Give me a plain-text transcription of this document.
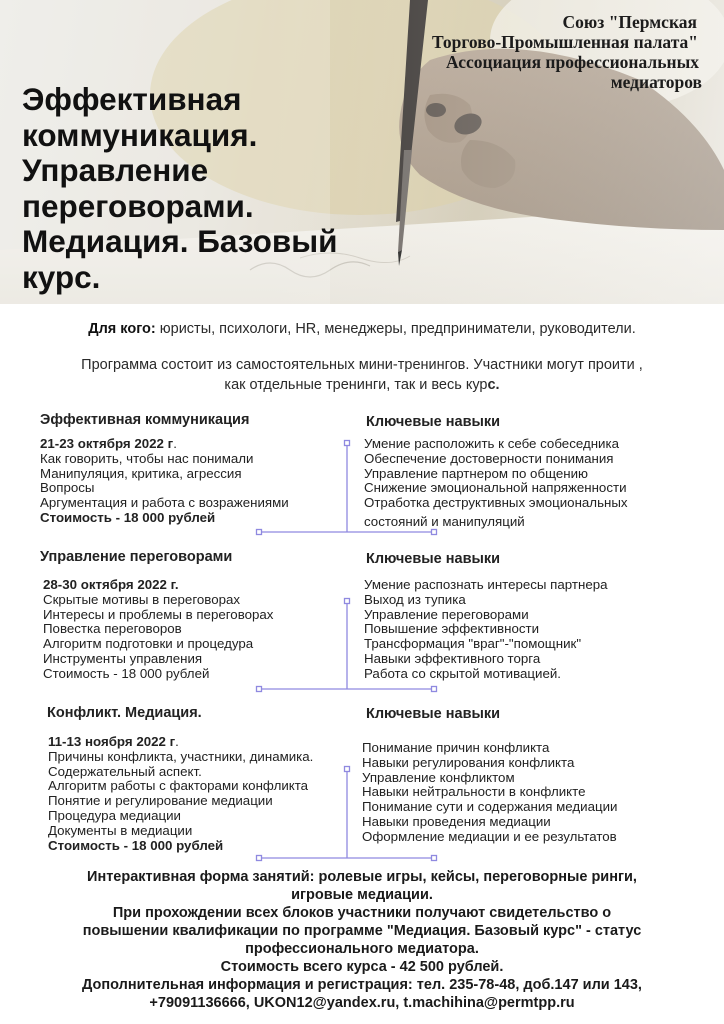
Союз "Пермская
Торгово-Промышленная палата"
Ассоциация профессиональных
медиаторов
Эффективная
коммуникация.
Управление
переговорами.
Медиация. Базовый
курс.
Для кого: юристы, психологи, HR, менеджеры, предприниматели, руководители.
Программа состоит из самостоятельных мини-тренингов. Участники могут проити ,
как отдельные тренинги, так и весь курс.
Эффективная коммуникация	Ключевые навыки
21-23 октября 2022 г.
Как говорить, чтобы нас понимали
Манипуляция, критика, агрессия
Вопросы
Аргументация и работа с возражениями
Стоимость - 18 000 рублей
Умение расположить к себе собеседника
Обеспечение достоверности понимания
Управление партнером по общению
Снижение эмоциональной напряженности
Отработка деструктивных эмоциональных
состояний и манипуляций
Управление переговорами	Ключевые навыки
28-30 октября 2022 г.
Скрытые мотивы в переговорах
Интересы и проблемы в переговорах
Повестка переговоров
Алгоритм подготовки и процедура
Инструменты управления
Стоимость - 18 000 рублей
Умение распознать интересы партнера
Выход из тупика
Управление переговорами
Повышение эффективности
Трансформация "враг"-"помощник"
Навыки эффективного торга
Работа со скрытой мотивацией.
Конфликт. Медиация.	Ключевые навыки
11-13 ноября 2022 г.
Причины конфликта, участники, динамика.
Содержательный аспект.
Алгоритм работы с факторами конфликта
Понятие и регулирование медиации
Процедура медиации
Документы в медиации
Стоимость - 18 000 рублей
Понимание причин конфликта
Навыки регулирования конфликта
Управление конфликтом
Навыки нейтральности в конфликте
Понимание сути и содержания медиации
Навыки проведения медиации
Оформление медиации и ее результатов
Интерактивная форма занятий: ролевые игры, кейсы, переговорные ринги,
игровые медиации.
При прохождении всех блоков участники получают свидетельство о
повышении квалификации по программе "Медиация. Базовый курс" - статус
профессионального медиатора.
Стоимость всего курса - 42 500 рублей.
Дополнительная информация и регистрация: тел. 235-78-48, доб.147 или 143,
+79091136666, UKON12@yandex.ru, t.machihina@permtpp.ru
